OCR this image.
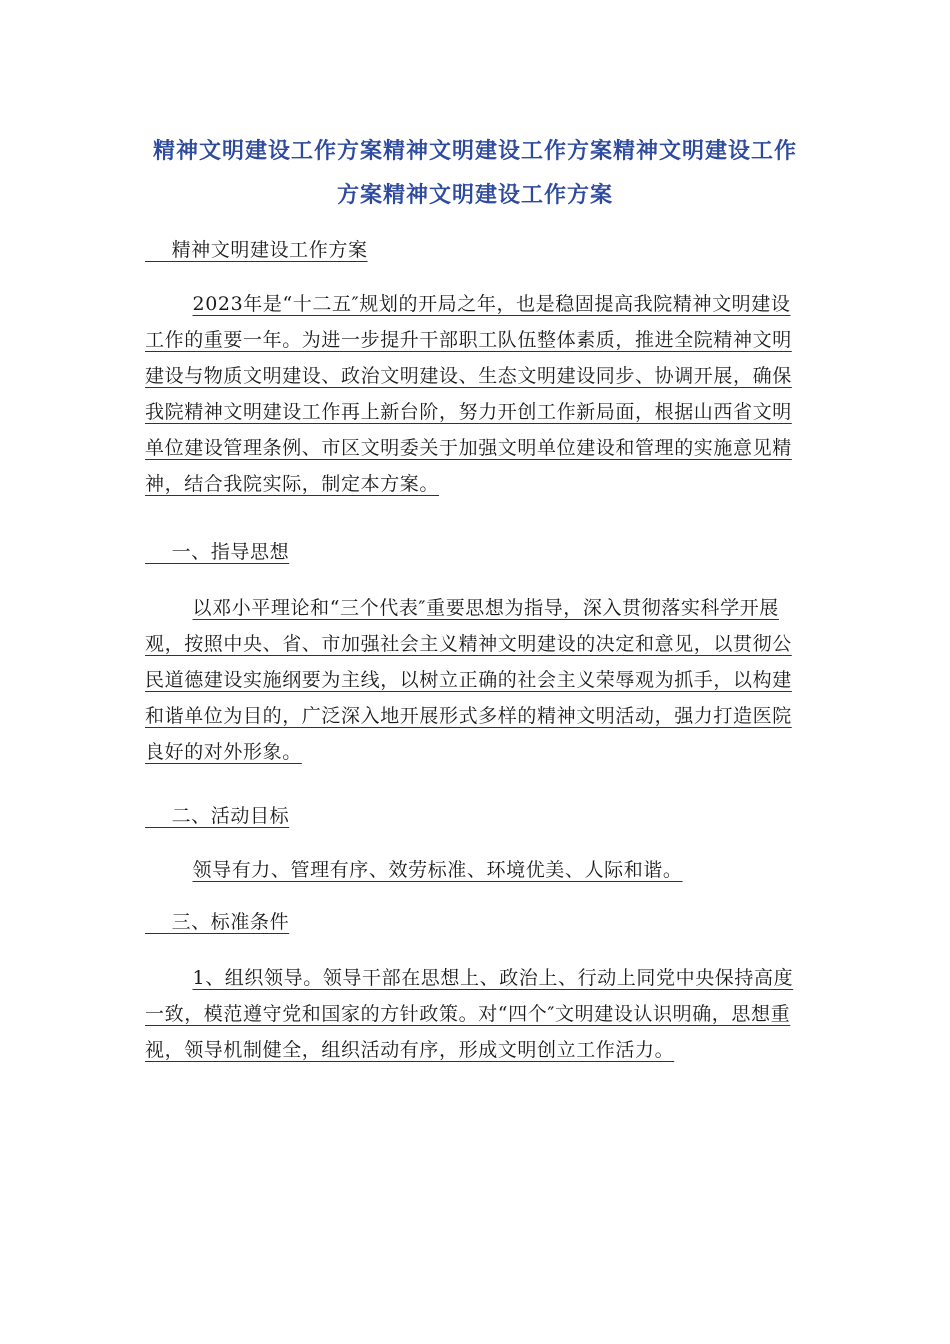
精神文明建设工作方案精神文明建设工作方案精神文明建设工作方案精神文明建设工作方案
精神文明建设工作方案
2023年是“十二五″规划的开局之年，也是稳固提高我院精神文明建设工作的重要一年。为进一步提升干部职工队伍整体素质，推进全院精神文明建设与物质文明建设、政治文明建设、生态文明建设同步、协调开展，确保我院精神文明建设工作再上新台阶，努力开创工作新局面，根据山西省文明单位建设管理条例、市区文明委关于加强文明单位建设和管理的实施意见精神，结合我院实际，制定本方案。
一、指导思想
以邓小平理论和“三个代表″重要思想为指导，深入贯彻落实科学开展观，按照中央、省、市加强社会主义精神文明建设的决定和意见，以贯彻公民道德建设实施纲要为主线，以树立正确的社会主义荣辱观为抓手，以构建和谐单位为目的，广泛深入地开展形式多样的精神文明活动，强力打造医院良好的对外形象。
二、活动目标
领导有力、管理有序、效劳标准、环境优美、人际和谐。
三、标准条件
1、组织领导。领导干部在思想上、政治上、行动上同党中央保持高度一致，模范遵守党和国家的方针政策。对“四个″文明建设认识明确，思想重视，领导机制健全，组织活动有序，形成文明创立工作活力。
